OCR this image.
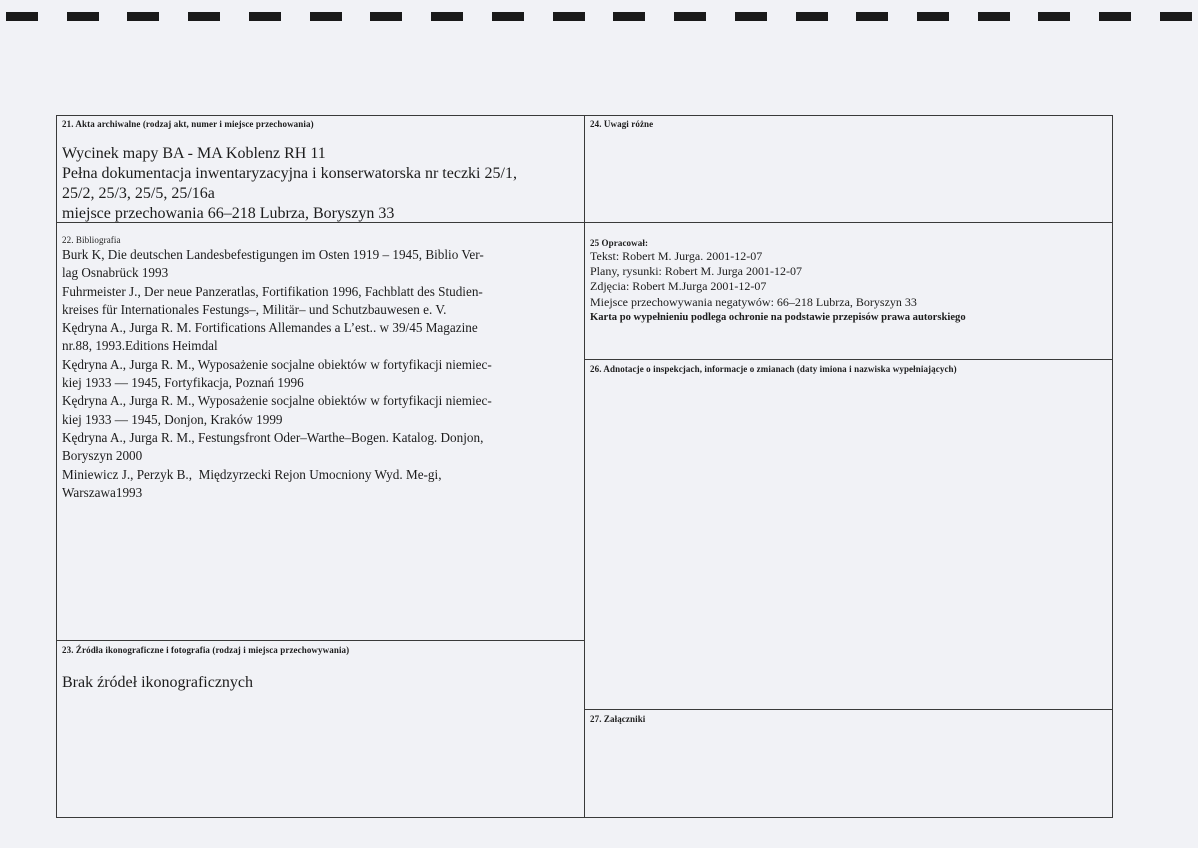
21. Akta archiwalne (rodzaj akt, numer i miejsce przechowania)
Wycinek mapy BA - MA Koblenz RH 11
Pełna dokumentacja inwentaryzacyjna i konserwatorska nr teczki 25/1,
25/2, 25/3, 25/5, 25/16a
miejsce przechowania 66–218 Lubrza, Boryszyn 33
24. Uwagi różne
22. Bibliografia
Burk K, Die deutschen Landesbefestigungen im Osten 1919 – 1945, Biblio Ver-
lag Osnabrück 1993
Fuhrmeister J., Der neue Panzeratlas, Fortifikation 1996, Fachblatt des Studien-
kreises für Internationales Festungs–, Militär– und Schutzbauwesen e. V.
Kędryna A., Jurga R. M. Fortifications Allemandes a L’est.. w 39/45 Magazine
nr.88, 1993.Editions Heimdal
Kędryna A., Jurga R. M., Wyposażenie socjalne obiektów w fortyfikacji niemiec-
kiej 1933 — 1945, Fortyfikacja, Poznań 1996
Kędryna A., Jurga R. M., Wyposażenie socjalne obiektów w fortyfikacji niemiec-
kiej 1933 — 1945, Donjon, Kraków 1999
Kędryna A., Jurga R. M., Festungsfront Oder–Warthe–Bogen. Katalog. Donjon,
Boryszyn 2000
Miniewicz J., Perzyk B.,  Międzyrzecki Rejon Umocniony Wyd. Me-gi,
Warszawa1993
25 Opracował:
Tekst: Robert M. Jurga. 2001-12-07
Plany, rysunki: Robert M. Jurga 2001-12-07
Zdjęcia: Robert M.Jurga 2001-12-07
Miejsce przechowywania negatywów: 66–218 Lubrza, Boryszyn 33
Karta po wypełnieniu podlega ochronie na podstawie przepisów prawa autorskiego
26. Adnotacje o inspekcjach, informacje o zmianach (daty imiona i nazwiska wypełniających)
23. Źródła ikonograficzne i fotografia (rodzaj i miejsca przechowywania)
Brak źródeł ikonograficznych
27. Załączniki
